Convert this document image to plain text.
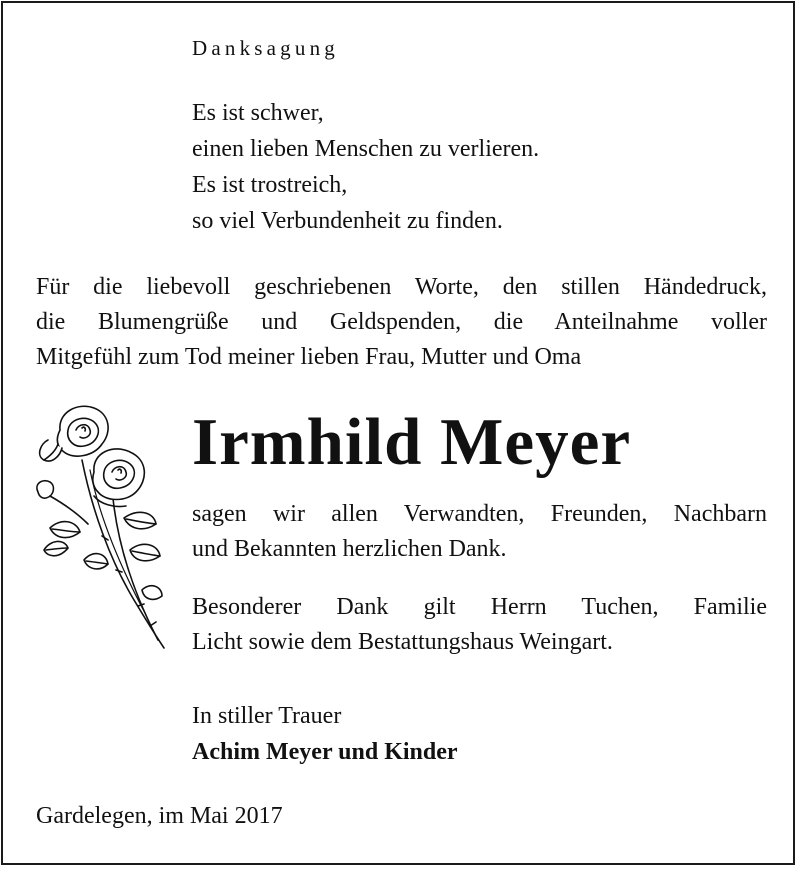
Danksagung
Es ist schwer,
einen lieben Menschen zu verlieren.
Es ist trostreich,
so viel Verbundenheit zu finden.
Für die liebevoll geschriebenen Worte, den stillen Händedruck,
die Blumengrüße und Geldspenden, die Anteilnahme voller
Mitgefühl zum Tod meiner lieben Frau, Mutter und Oma
Irmhild Meyer
sagen wir allen Verwandten, Freunden, Nachbarn
und Bekannten herzlichen Dank.
Besonderer Dank gilt Herrn Tuchen, Familie
Licht sowie dem Bestattungshaus Weingart.
In stiller Trauer
Achim Meyer und Kinder
Gardelegen, im Mai 2017
